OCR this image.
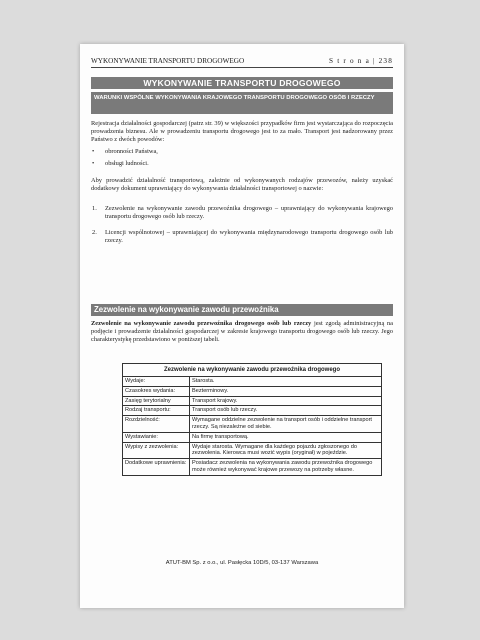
WYKONYWANIE TRANSPORTU DROGOWEGO	S t r o n a | 238
WYKONYWANIE TRANSPORTU DROGOWEGO
WARUNKI WSPÓLNE WYKONYWANIA KRAJOWEGO TRANSPORTU DROGOWEGO OSÓB I RZECZY
Rejestracja działalności gospodarczej (patrz str. 39) w większości przypadków firm jest wystarczająca do rozpoczęcia prowadzenia biznesu. Ale w prowadzeniu transportu drogowego jest to za mało. Transport jest nadzorowany przez Państwo z dwóch powodów:
• obronności Państwa,
• obsługi ludności.
Aby prowadzić działalność transportową, zależnie od wykonywanych rodzajów przewozów, należy uzyskać dodatkowy dokument uprawniający do wykonywania działalności transportowej o nazwie:
1. Zezwolenie na wykonywanie zawodu przewoźnika drogowego – uprawniający do wykonywania krajowego transportu drogowego osób lub rzeczy.
2. Licencji wspólnotowej – uprawniającej do wykonywania międzynarodowego transportu drogowego osób lub rzeczy.
Zezwolenie na wykonywanie zawodu przewoźnika
Zezwolenie na wykonywanie zawodu przewoźnika drogowego osób lub rzeczy jest zgodą administracyjną na podjęcie i prowadzenie działalności gospodarczej w zakresie krajowego transportu drogowego osób lub rzeczy. Jego charakterystykę przedstawiono w poniższej tabeli.
Zezwolenie na wykonywanie zawodu przewoźnika drogowego	
Wydaje:	Starosta.
Czasokres wydania:	Bezterminowy.
Zasięg terytorialny	Transport krajowy.
Rodzaj transportu:	Transport osób lub rzeczy.
Rozdzielność:	Wymagane oddzielne zezwolenie na transport osób i oddzielne transport rzeczy. Są niezależne od siebie.
Wystawianie:	Na firmę transportową.
Wypisy z zezwolenia:	Wydaje starosta. Wymagane dla każdego pojazdu zgłoszonego do zezwolenia. Kierowca musi wozić wypis (oryginał) w pojeździe.
Dodatkowe uprawnienia:	Posiadacz zezwolenia na wykonywania zawodu przewoźnika drogowego może również wykonywać krajowe przewozy na potrzeby własne.
ATUT-BM Sp. z o.o., ul. Pasłęcka 10D/5, 03-137 Warszawa
